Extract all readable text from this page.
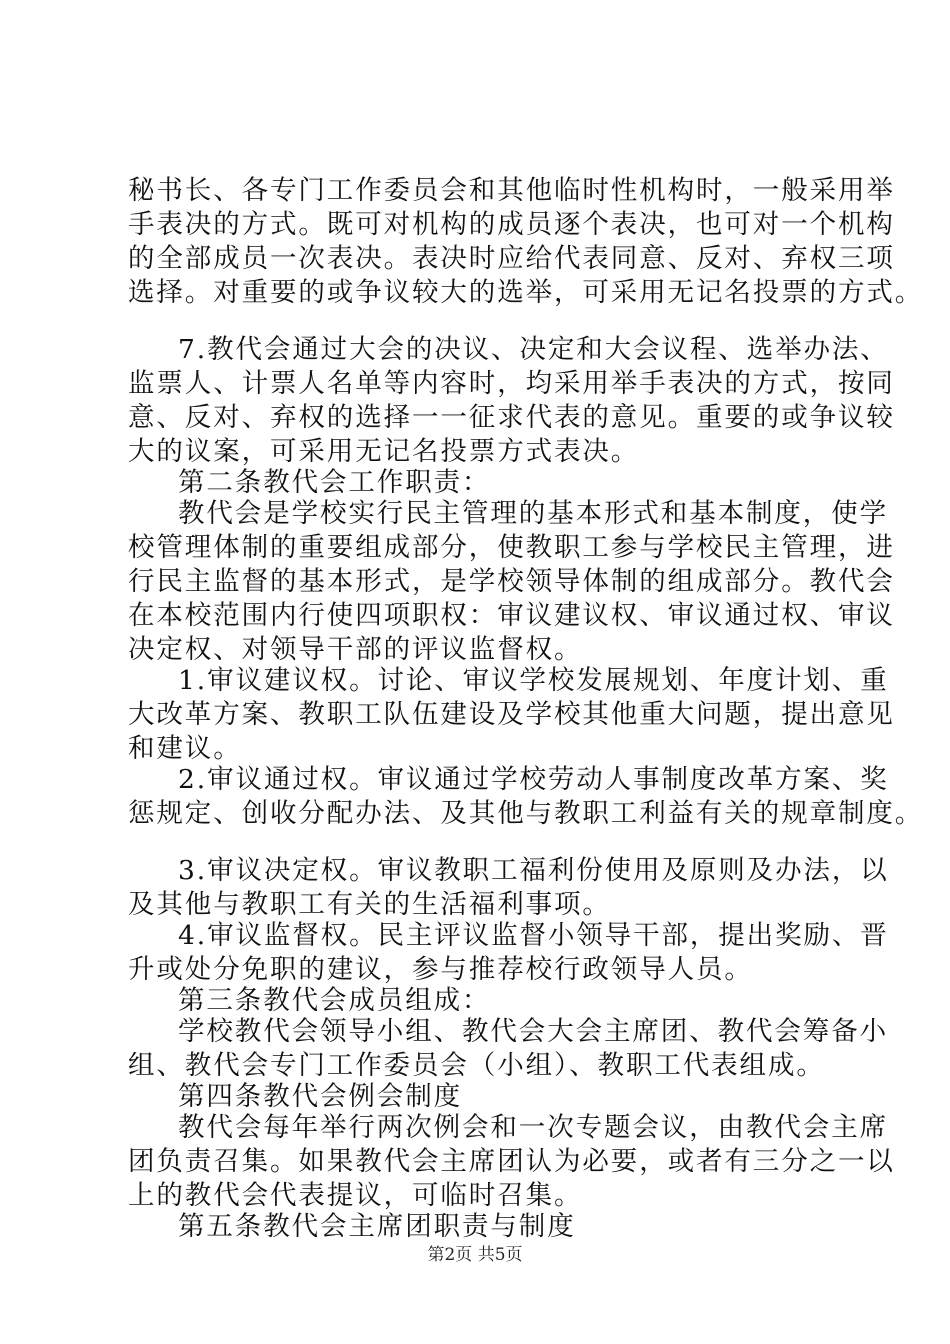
秘书长、各专门工作委员会和其他临时性机构时，一般采用举

手表决的方式。既可对机构的成员逐个表决，也可对一个机构

的全部成员一次表决。表决时应给代表同意、反对、弃权三项

选择。对重要的或争议较大的选举，可采用无记名投票的方式。

7.教代会通过大会的决议、决定和大会议程、选举办法、

监票人、计票人名单等内容时，均采用举手表决的方式，按同

意、反对、弃权的选择一一征求代表的意见。重要的或争议较

大的议案，可采用无记名投票方式表决。

第二条教代会工作职责：

教代会是学校实行民主管理的基本形式和基本制度，使学

校管理体制的重要组成部分，使教职工参与学校民主管理，进

行民主监督的基本形式，是学校领导体制的组成部分。教代会

在本校范围内行使四项职权：审议建议权、审议通过权、审议

决定权、对领导干部的评议监督权。

1.审议建议权。讨论、审议学校发展规划、年度计划、重

大改革方案、教职工队伍建设及学校其他重大问题，提出意见

和建议。

2.审议通过权。审议通过学校劳动人事制度改革方案、奖

惩规定、创收分配办法、及其他与教职工利益有关的规章制度。

3.审议决定权。审议教职工福利份使用及原则及办法，以

及其他与教职工有关的生活福利事项。

4.审议监督权。民主评议监督小领导干部，提出奖励、晋

升或处分免职的建议，参与推荐校行政领导人员。

第三条教代会成员组成：

学校教代会领导小组、教代会大会主席团、教代会筹备小

组、教代会专门工作委员会（小组）、教职工代表组成。

第四条教代会例会制度

教代会每年举行两次例会和一次专题会议，由教代会主席

团负责召集。如果教代会主席团认为必要，或者有三分之一以

上的教代会代表提议，可临时召集。

第五条教代会主席团职责与制度

第2页 共5页
